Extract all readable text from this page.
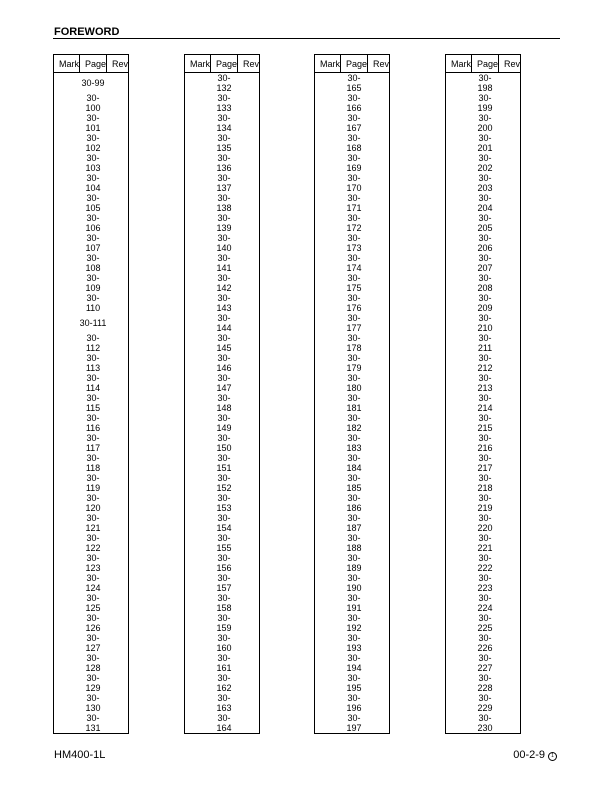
FOREWORD
Mark	Page	Rev
	30-99	
	30-100	
	30-101	
	30-102	
	30-103	
	30-104	
	30-105	
	30-106	
	30-107	
	30-108	
	30-109	
	30-110	
	30-111	
	30-112	
	30-113	
	30-114	
	30-115	
	30-116	
	30-117	
	30-118	
	30-119	
	30-120	
	30-121	
	30-122	
	30-123	
	30-124	
	30-125	
	30-126	
	30-127	
	30-128	
	30-129	
	30-130	
	30-131	
Mark	Page	Rev
	30-132	
	30-133	
	30-134	
	30-135	
	30-136	
	30-137	
	30-138	
	30-139	
	30-140	
	30-141	
	30-142	
	30-143	
	30-144	
	30-145	
	30-146	
	30-147	
	30-148	
	30-149	
	30-150	
	30-151	
	30-152	
	30-153	
	30-154	
	30-155	
	30-156	
	30-157	
	30-158	
	30-159	
	30-160	
	30-161	
	30-162	
	30-163	
	30-164	
Mark	Page	Rev
	30-165	
	30-166	
	30-167	
	30-168	
	30-169	
	30-170	
	30-171	
	30-172	
	30-173	
	30-174	
	30-175	
	30-176	
	30-177	
	30-178	
	30-179	
	30-180	
	30-181	
	30-182	
	30-183	
	30-184	
	30-185	
	30-186	
	30-187	
	30-188	
	30-189	
	30-190	
	30-191	
	30-192	
	30-193	
	30-194	
	30-195	
	30-196	
	30-197	
Mark	Page	Rev
	30-198	
	30-199	
	30-200	
	30-201	
	30-202	
	30-203	
	30-204	
	30-205	
	30-206	
	30-207	
	30-208	
	30-209	
	30-210	
	30-211	
	30-212	
	30-213	
	30-214	
	30-215	
	30-216	
	30-217	
	30-218	
	30-219	
	30-220	
	30-221	
	30-222	
	30-223	
	30-224	
	30-225	
	30-226	
	30-227	
	30-228	
	30-229	
	30-230	
HM400-1L	00-2-9 1
